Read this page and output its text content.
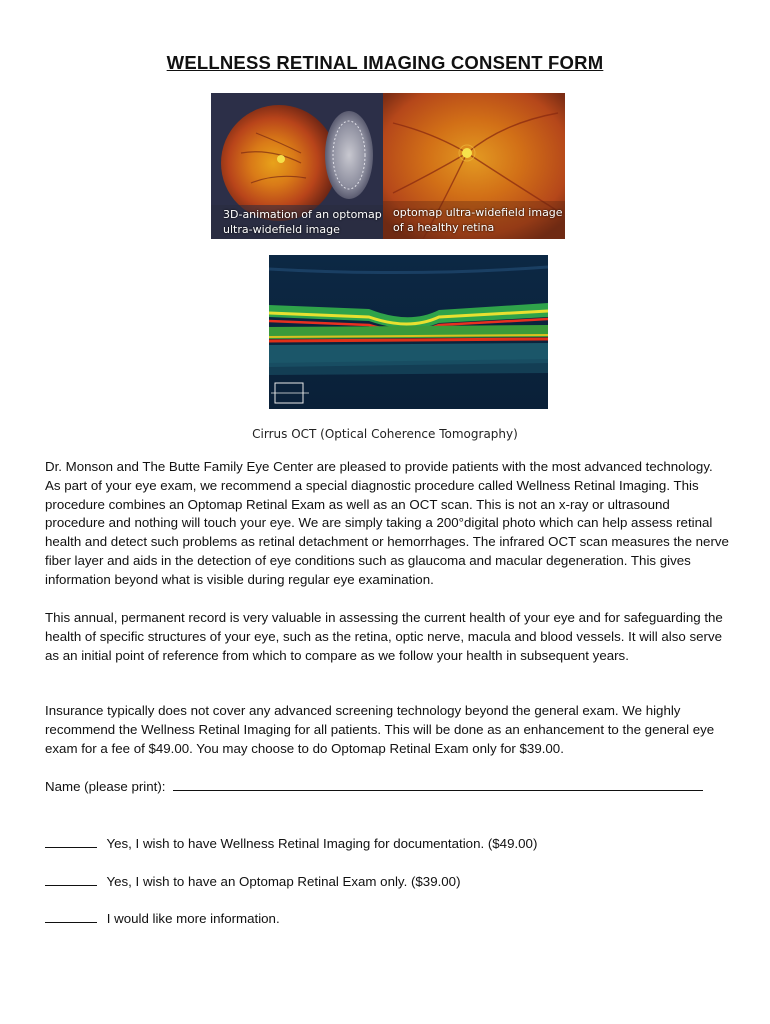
WELLNESS RETINAL IMAGING CONSENT FORM
3D-animation of an optomap
ultra-widefield image
optomap ultra-widefield image
of a healthy retina
Cirrus OCT (Optical Coherence Tomography)

Dr. Monson and The Butte Family Eye Center are pleased to provide patients with the most advanced technology. As part of your eye exam, we recommend a special diagnostic procedure called Wellness Retinal Imaging. This procedure combines an Optomap Retinal Exam as well as an OCT scan. This is not an x-ray or ultrasound procedure and nothing will touch your eye. We are simply taking a 200°digital photo which can help assess retinal health and detect such problems as retinal detachment or hemorrhages. The infrared OCT scan measures the nerve fiber layer and aids in the detection of eye conditions such as glaucoma and macular degeneration. This gives information beyond what is visible during regular eye examination.

This annual, permanent record is very valuable in assessing the current health of your eye and for safeguarding the health of specific structures of your eye, such as the retina, optic nerve, macula and blood vessels. It will also serve as an initial point of reference from which to compare as we follow your health in subsequent years.

Insurance typically does not cover any advanced screening technology beyond the general exam. We highly recommend the Wellness Retinal Imaging for all patients. This will be done as an enhancement to the general eye exam for a fee of $49.00. You may choose to do Optomap Retinal Exam only for $39.00.

Name (please print):
Yes, I wish to have Wellness Retinal Imaging for documentation. ($49.00)
Yes, I wish to have an Optomap Retinal Exam only. ($39.00)
I would like more information.
